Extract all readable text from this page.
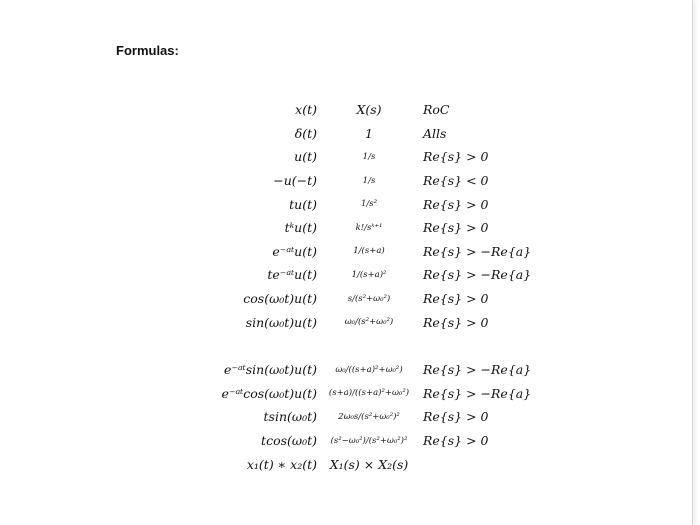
Formulas:
x(t)	X(s)	RoC
δ(t)	1	Alls
u(t)	1/s	Re{s} > 0
−u(−t)	1/s	Re{s} < 0
tu(t)	1/s²	Re{s} > 0
tᵏu(t)	k!/sᵏ⁺¹	Re{s} > 0
e⁻ᵃᵗu(t)	1/(s+a)	Re{s} > −Re{a}
te⁻ᵃᵗu(t)	1/(s+a)²	Re{s} > −Re{a}
cos(ω₀t)u(t)	s/(s²+ω₀²)	Re{s} > 0
sin(ω₀t)u(t)	ω₀/(s²+ω₀²)	Re{s} > 0
e⁻ᵃᵗsin(ω₀t)u(t)	ω₀/((s+a)²+ω₀²)	Re{s} > −Re{a}
e⁻ᵃᵗcos(ω₀t)u(t)	(s+a)/((s+a)²+ω₀²)	Re{s} > −Re{a}
tsin(ω₀t)	2ω₀s/(s²+ω₀²)²	Re{s} > 0
tcos(ω₀t)	(s²−ω₀²)/(s²+ω₀²)²	Re{s} > 0
x₁(t) ∗ x₂(t)	X₁(s) × X₂(s)
